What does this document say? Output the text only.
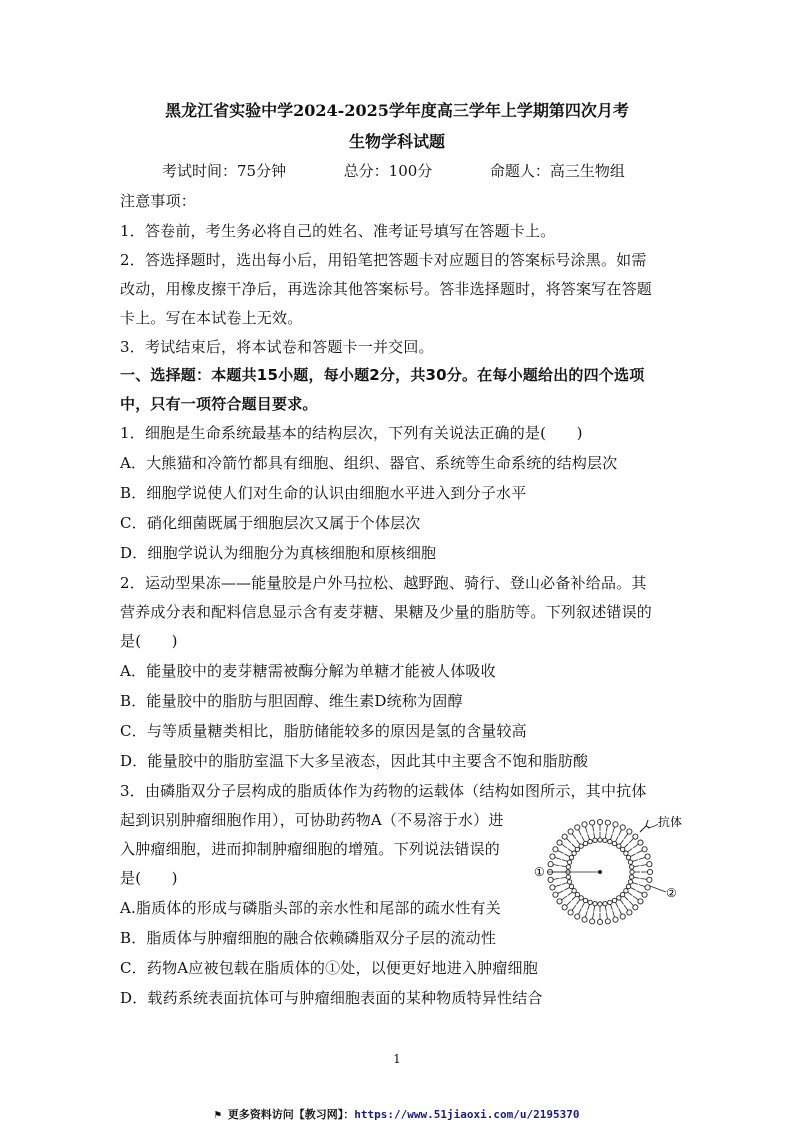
黑龙江省实验中学2024-2025学年度高三学年上学期第四次月考
生物学科试题
考试时间：75分钟	总分：100分	命题人：高三生物组
注意事项：
1．答卷前，考生务必将自己的姓名、准考证号填写在答题卡上。
2．答选择题时，选出每小后，用铅笔把答题卡对应题目的答案标号涂黑。如需
改动，用橡皮擦干净后，再选涂其他答案标号。答非选择题时，将答案写在答题
卡上。写在本试卷上无效。
3．考试结束后，将本试卷和答题卡一并交回。
一、选择题：本题共15小题，每小题2分，共30分。在每小题给出的四个选项
中，只有一项符合题目要求。
1．细胞是生命系统最基本的结构层次，下列有关说法正确的是(　　)
A．大熊猫和冷箭竹都具有细胞、组织、器官、系统等生命系统的结构层次
B．细胞学说使人们对生命的认识由细胞水平进入到分子水平
C．硝化细菌既属于细胞层次又属于个体层次
D．细胞学说认为细胞分为真核细胞和原核细胞
2．运动型果冻——能量胶是户外马拉松、越野跑、骑行、登山必备补给品。其
营养成分表和配料信息显示含有麦芽糖、果糖及少量的脂肪等。下列叙述错误的
是(　　)
A．能量胶中的麦芽糖需被酶分解为单糖才能被人体吸收
B．能量胶中的脂肪与胆固醇、维生素D统称为固醇
C．与等质量糖类相比，脂肪储能较多的原因是氢的含量较高
D．能量胶中的脂肪室温下大多呈液态，因此其中主要含不饱和脂肪酸
3．由磷脂双分子层构成的脂质体作为药物的运载体（结构如图所示，其中抗体
起到识别肿瘤细胞作用），可协助药物A（不易溶于水）进
入肿瘤细胞，进而抑制肿瘤细胞的增殖。下列说法错误的
是(　　)
A.脂质体的形成与磷脂头部的亲水性和尾部的疏水性有关
B．脂质体与肿瘤细胞的融合依赖磷脂双分子层的流动性
C．药物A应被包载在脂质体的①处，以便更好地进入肿瘤细胞
D．载药系统表面抗体可与肿瘤细胞表面的某种物质特异性结合
抗体
①
②
1
⚑ 更多资料访问【教习网】：https://www.51jiaoxi.com/u/2195370
